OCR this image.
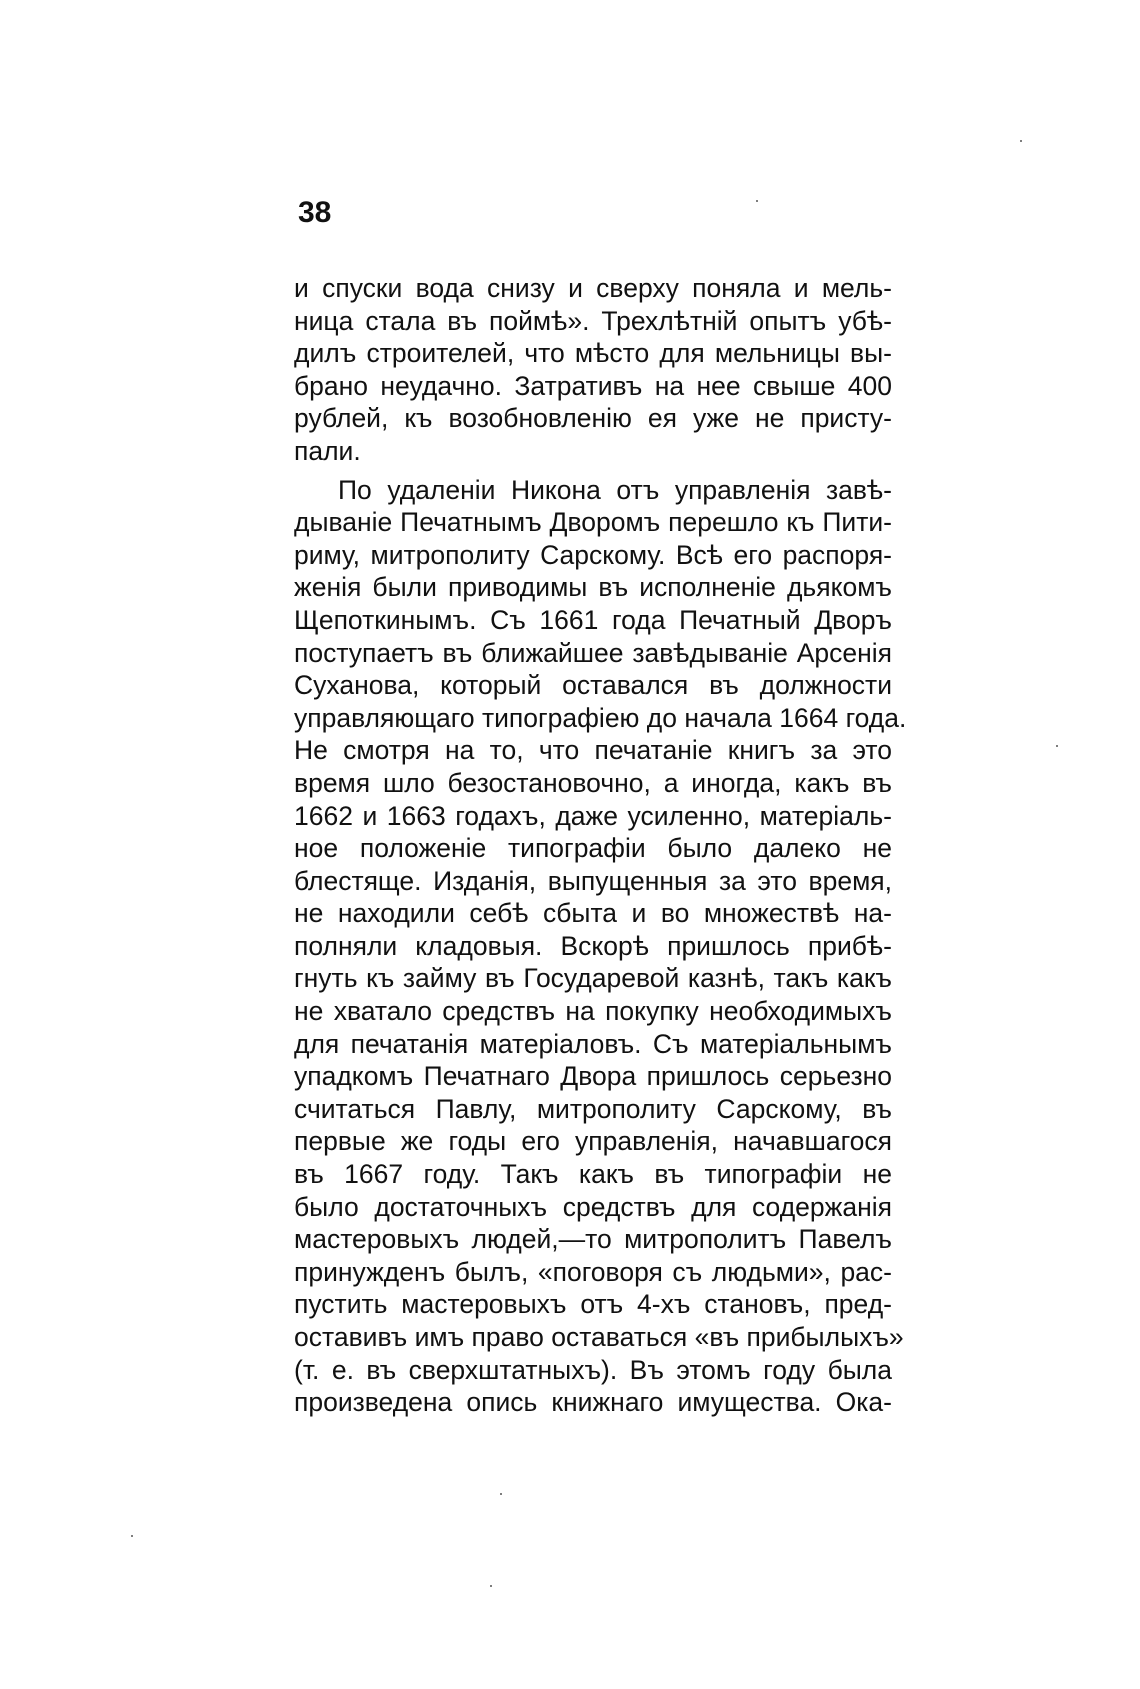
38
и спуски вода снизу и сверху поняла и мель-
ница стала въ поймѣ». Трехлѣтній опытъ убѣ-
дилъ строителей, что мѣсто для мельницы вы-
брано неудачно. Затративъ на нее свыше 400
рублей, къ возобновленію ея уже не присту-
пали.
По удаленіи Никона отъ управленія завѣ-
дываніе Печатнымъ Дворомъ перешло къ Пити-
риму, митрополиту Сарскому. Всѣ его распоря-
женія были приводимы въ исполненіе дьякомъ
Щепоткинымъ. Съ 1661 года Печатный Дворъ
поступаетъ въ ближайшее завѣдываніе Арсенія
Суханова, который оставался въ должности
управляющаго типографіею до начала 1664 года.
Не смотря на то, что печатаніе книгъ за это
время шло безостановочно, а иногда, какъ въ
1662 и 1663 годахъ, даже усиленно, матеріаль-
ное положеніе типографіи было далеко не
блестяще. Изданія, выпущенныя за это время,
не находили себѣ сбыта и во множествѣ на-
полняли кладовыя. Вскорѣ пришлось прибѣ-
гнуть къ займу въ Государевой казнѣ, такъ какъ
не хватало средствъ на покупку необходимыхъ
для печатанія матеріаловъ. Съ матеріальнымъ
упадкомъ Печатнаго Двора пришлось серьезно
считаться Павлу, митрополиту Сарскому, въ
первые же годы его управленія, начавшагося
въ 1667 году. Такъ какъ въ типографіи не
было достаточныхъ средствъ для содержанія
мастеровыхъ людей,—то митрополитъ Павелъ
принужденъ былъ, «поговоря съ людьми», рас-
пустить мастеровыхъ отъ 4-хъ становъ, пред-
оставивъ имъ право оставаться «въ прибылыхъ»
(т. е. въ сверхштатныхъ). Въ этомъ году была
произведена опись книжнаго имущества. Ока-
